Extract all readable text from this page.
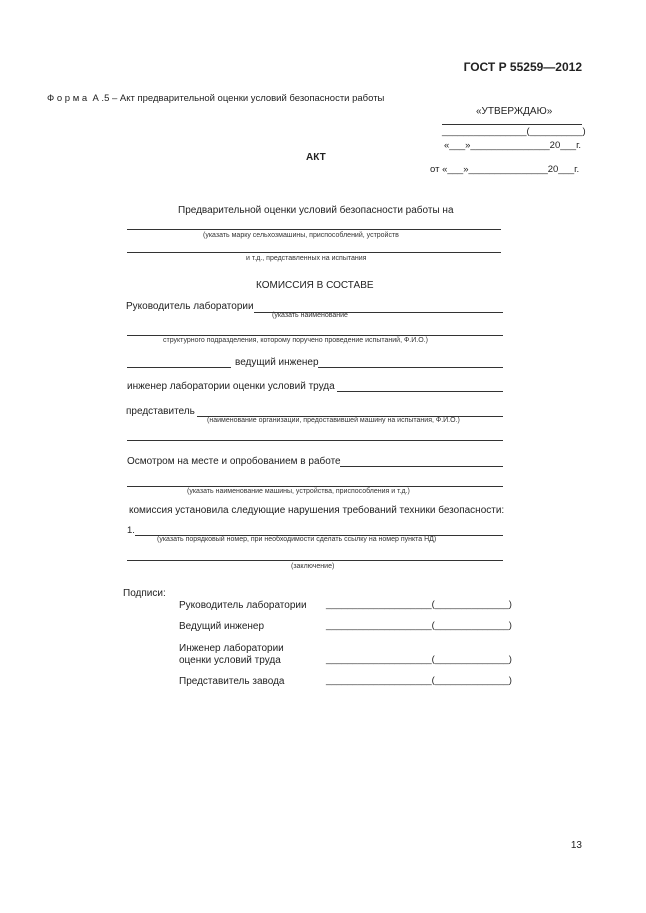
ГОСТ Р 55259—2012
Ф о р м а А .5 – Акт предварительной оценки условий безопасности работы
«УТВЕРЖДАЮ»
________________(__________)
«___»_______________20___г.
АКТ
от «___»_______________20___г.
Предварительной оценки условий безопасности работы на
(указать марку сельхозмашины, приспособлений, устройств
и т.д., представленных на испытания
КОМИССИЯ В СОСТАВЕ
Руководитель лаборатории
(указать наименование
структурного подразделения, которому поручено проведение испытаний, Ф.И.О.)
ведущий инженер
инженер лаборатории оценки условий труда
представитель
(наименование организации, предоставившей машину на испытания, Ф.И.О.)
Осмотром на месте и опробованием в работе
(указать наименование машины, устройства, приспособления и т.д.)
комиссия установила следующие нарушения требований техники безопасности:
1.
(указать порядковый номер, при необходимости сделать ссылку на номер пункта НД)
(заключение)
Подписи:
Руководитель лаборатории ____________________(______________)
Ведущий инженер	____________________(______________)
Инженер лаборатории
оценки условий труда	____________________(______________)
Представитель завода	____________________(______________)
13
